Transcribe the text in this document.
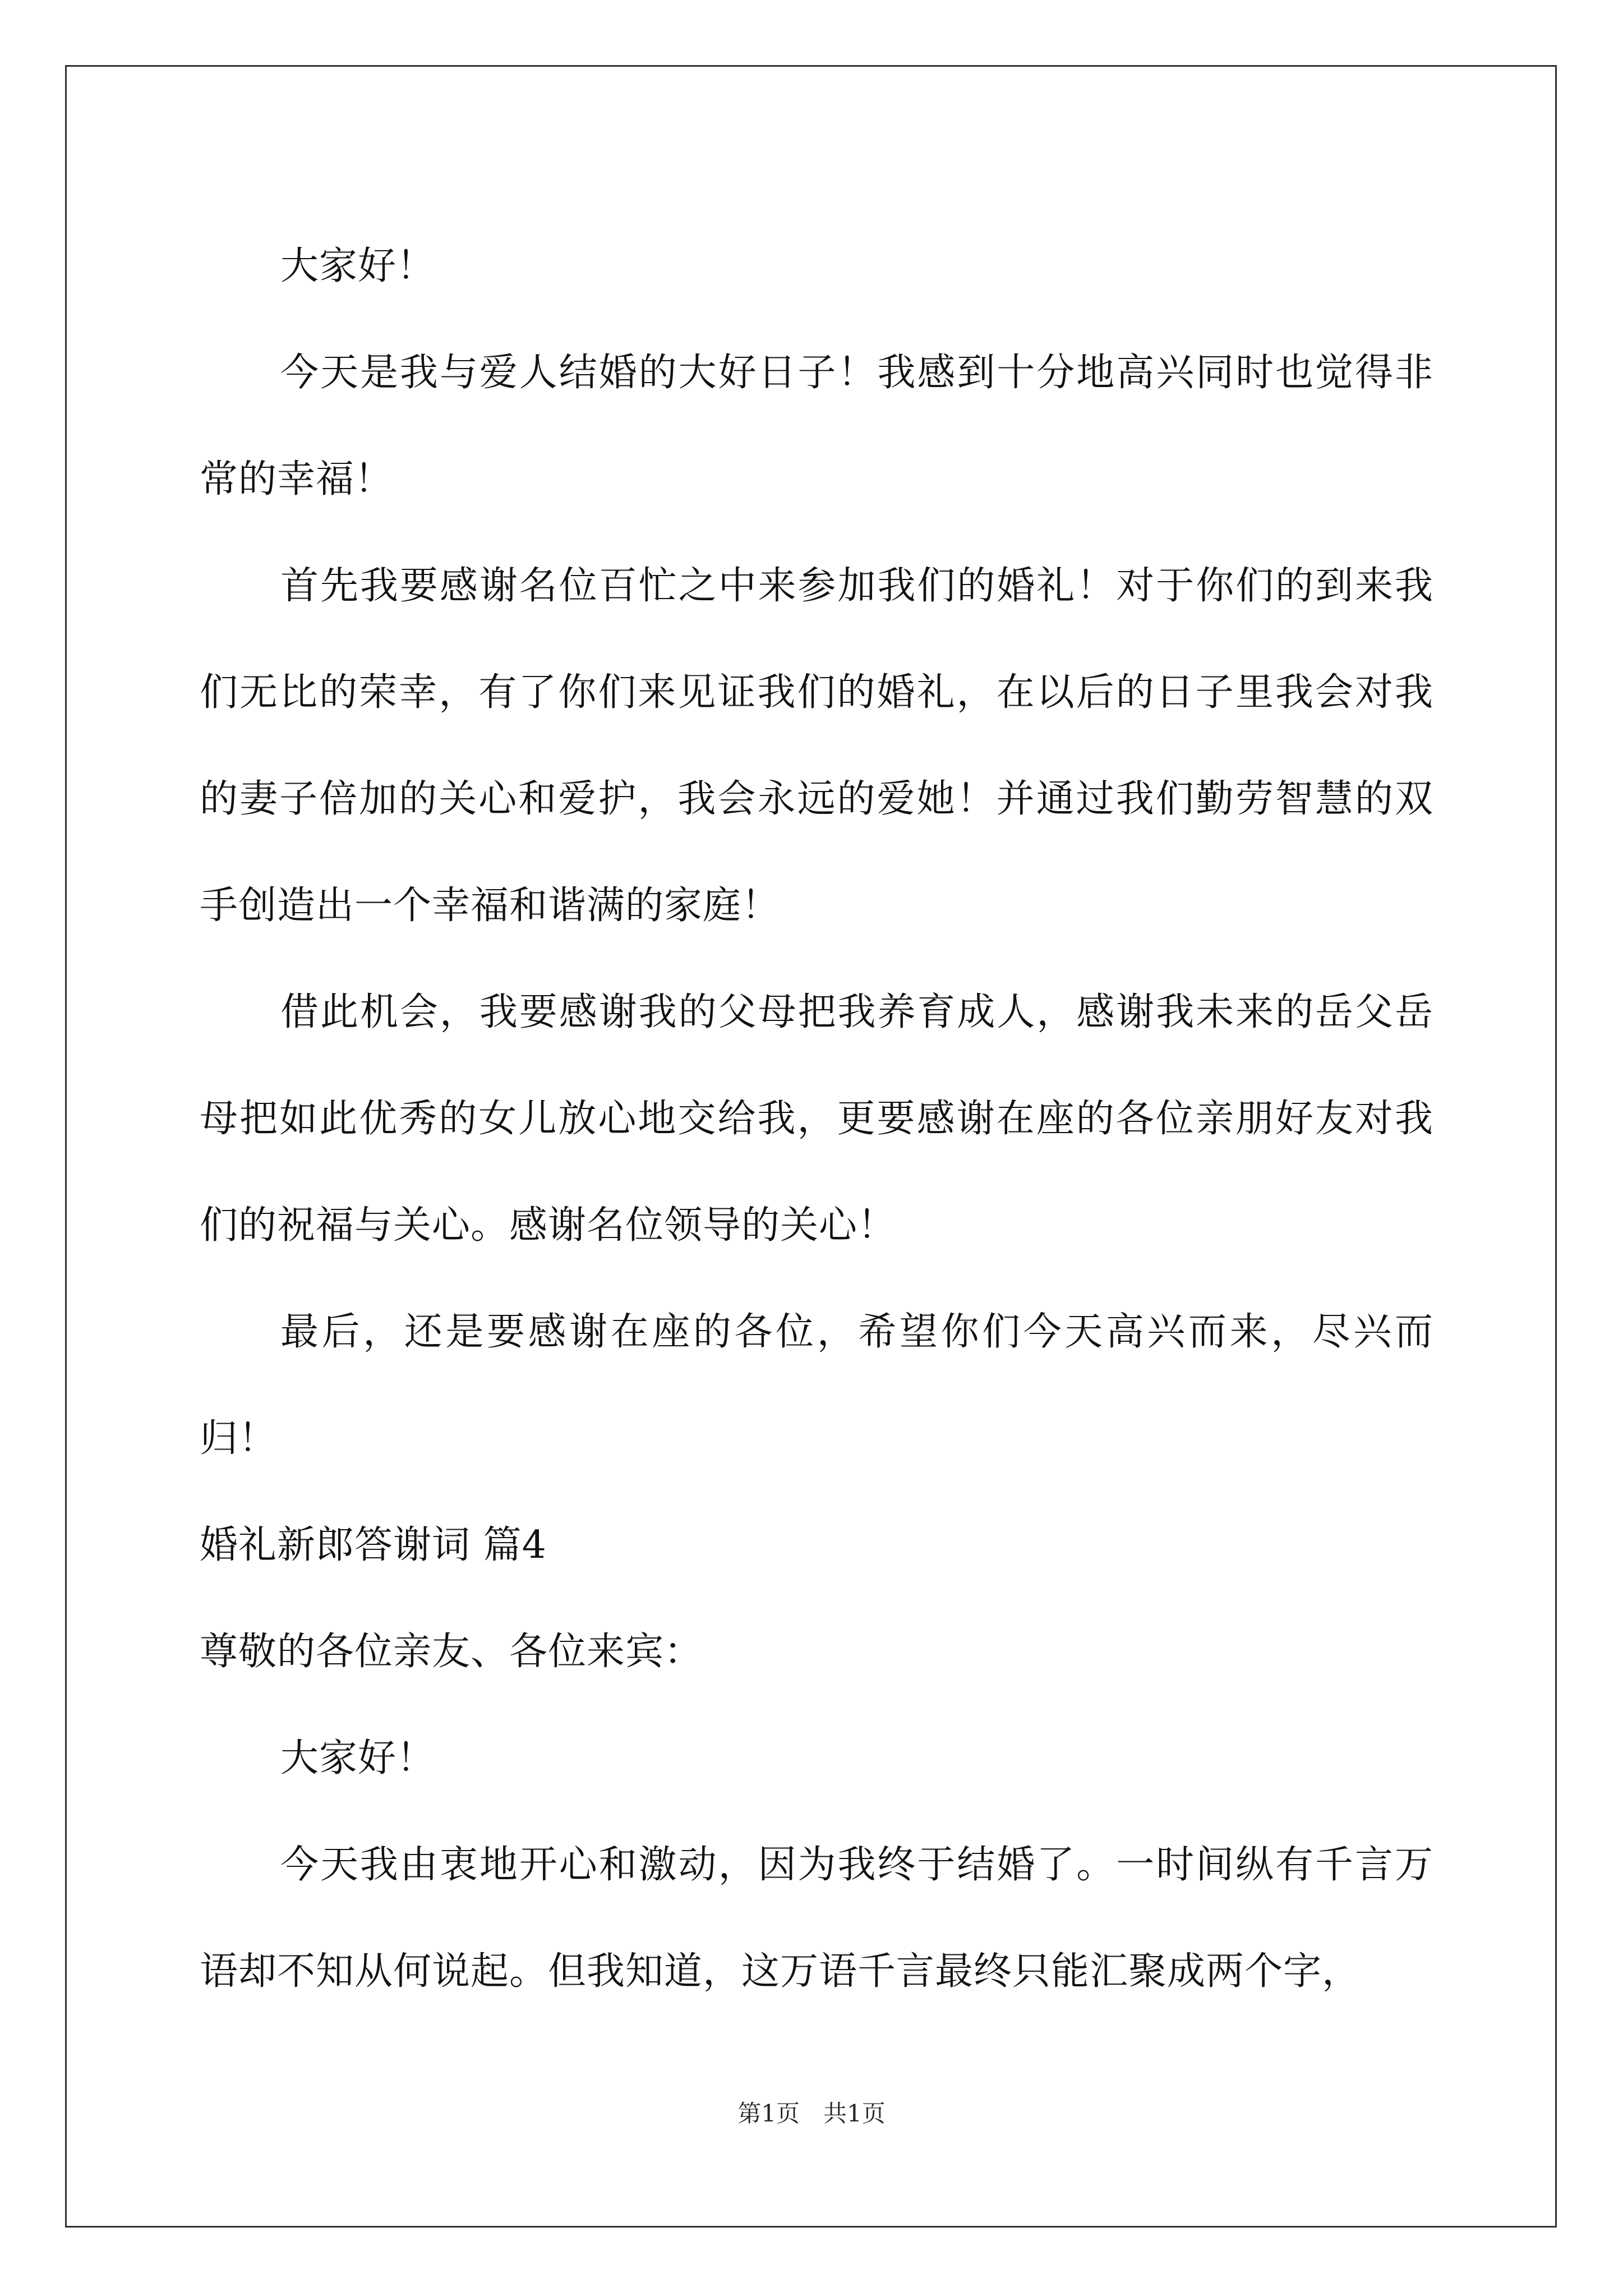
大家好！

今天是我与爱人结婚的大好日子！我感到十分地高兴同时也觉得非常的幸福！

首先我要感谢名位百忙之中来参加我们的婚礼！对于你们的到来我们无比的荣幸，有了你们来见证我们的婚礼，在以后的日子里我会对我的妻子倍加的关心和爱护，我会永远的爱她！并通过我们勤劳智慧的双手创造出一个幸福和谐满的家庭！

借此机会，我要感谢我的父母把我养育成人，感谢我未来的岳父岳母把如此优秀的女儿放心地交给我，更要感谢在座的各位亲朋好友对我们的祝福与关心。感谢名位领导的关心！

最后，还是要感谢在座的各位，希望你们今天高兴而来，尽兴而归！

婚礼新郎答谢词 篇4

尊敬的各位亲友、各位来宾：

大家好！

今天我由衷地开心和激动，因为我终于结婚了。一时间纵有千言万语却不知从何说起。但我知道，这万语千言最终只能汇聚成两个字，

第1页　共1页
